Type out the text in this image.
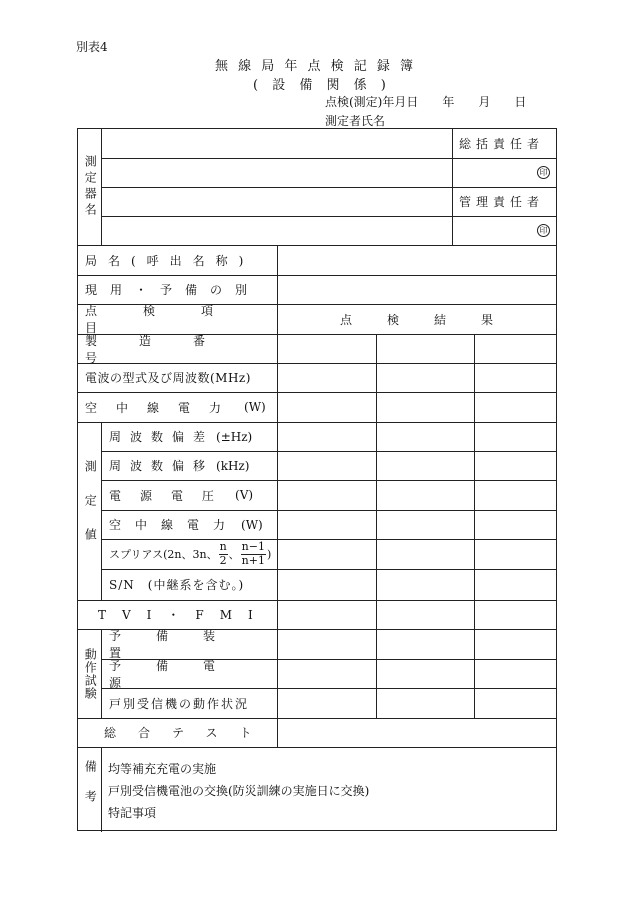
別表4
無 線 局 年 点 検 記 録 簿
( 設 備 関 係 )
点検(測定)年月日　　年　　月　　日
測定者氏名
測定器名
総括責任者
印
管理責任者
印
局名(呼出名称)
現用・予備の別
点検項目
点検結果
製造番号
電波の型式及び周波数(MHz)
空中線電力 (W)
測定値
周波数偏差 (±Hz)
周波数偏移 (kHz)
電源電圧 (V)
空中線電力 (W)
スプリアス(2n、3n、 $\frac{n}{2}$ 、 $\frac{n-1}{n+1}$ )
S/N　(中継系を含む。)
TVI・FMI
動作試験
予備装置
予備電源
戸別受信機の動作状況
総合テスト
備考 均等補充充電の実施
戸別受信機電池の交換(防災訓練の実施日に交換)
特記事項
